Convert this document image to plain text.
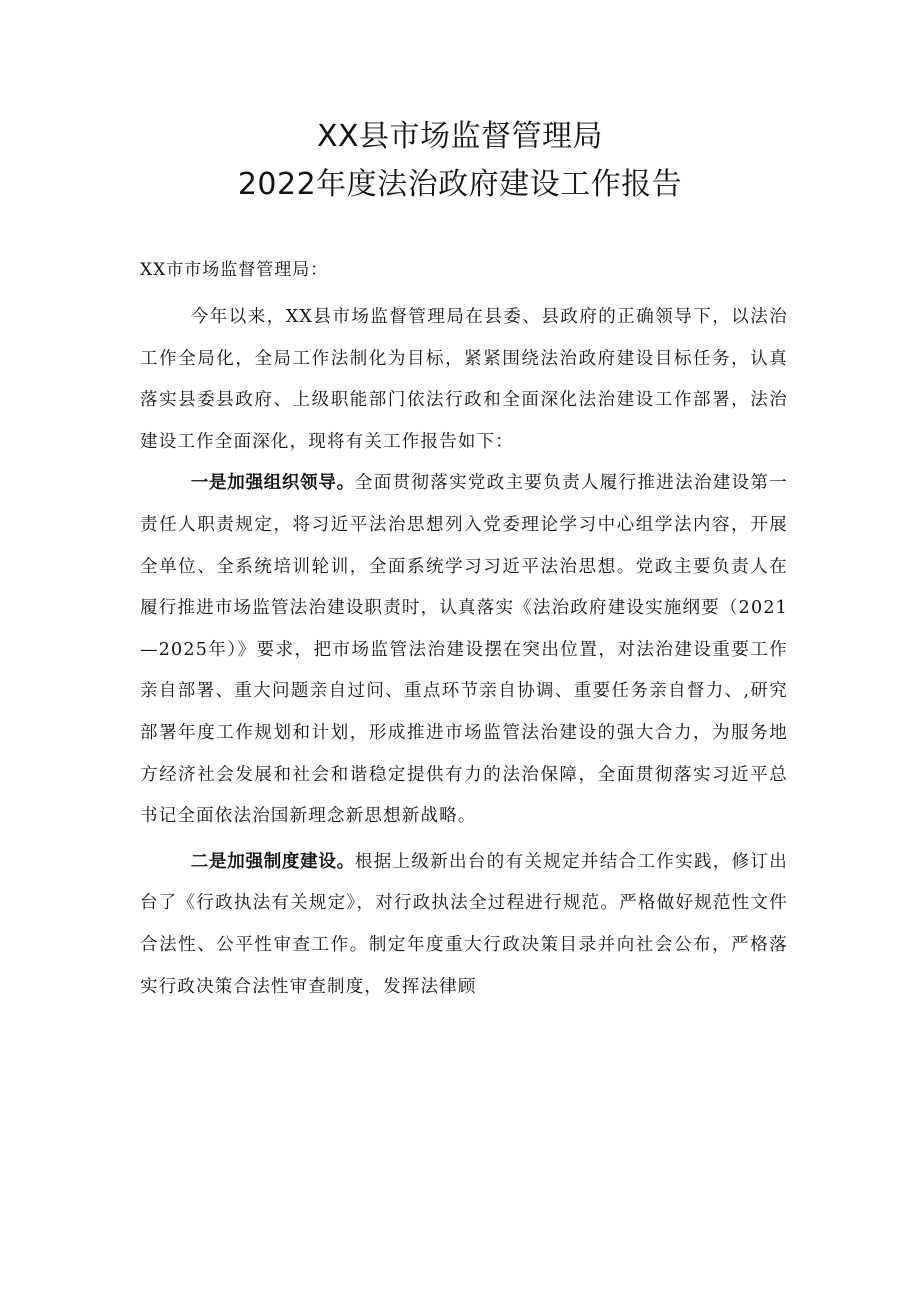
XX县市场监督管理局
2022年度法治政府建设工作报告

XX市市场监督管理局：

今年以来，XX县市场监督管理局在县委、县政府的正确领导下，以法治工作全局化，全局工作法制化为目标，紧紧围绕法治政府建设目标任务，认真落实县委县政府、上级职能部门依法行政和全面深化法治建设工作部署，法治建设工作全面深化，现将有关工作报告如下：

一是加强组织领导。全面贯彻落实党政主要负责人履行推进法治建设第一责任人职责规定，将习近平法治思想列入党委理论学习中心组学法内容，开展全单位、全系统培训轮训，全面系统学习习近平法治思想。党政主要负责人在履行推进市场监管法治建设职责时，认真落实《法治政府建设实施纲要（2021—2025年）》要求，把市场监管法治建设摆在突出位置，对法治建设重要工作亲自部署、重大问题亲自过问、重点环节亲自协调、重要任务亲自督力、,研究部署年度工作规划和计划，形成推进市场监管法治建设的强大合力，为服务地方经济社会发展和社会和谐稳定提供有力的法治保障，全面贯彻落实习近平总书记全面依法治国新理念新思想新战略。

二是加强制度建设。根据上级新出台的有关规定并结合工作实践，修订出台了《行政执法有关规定》，对行政执法全过程进行规范。严格做好规范性文件合法性、公平性审查工作。制定年度重大行政决策目录并向社会公布，严格落实行政决策合法性审查制度，发挥法律顾
